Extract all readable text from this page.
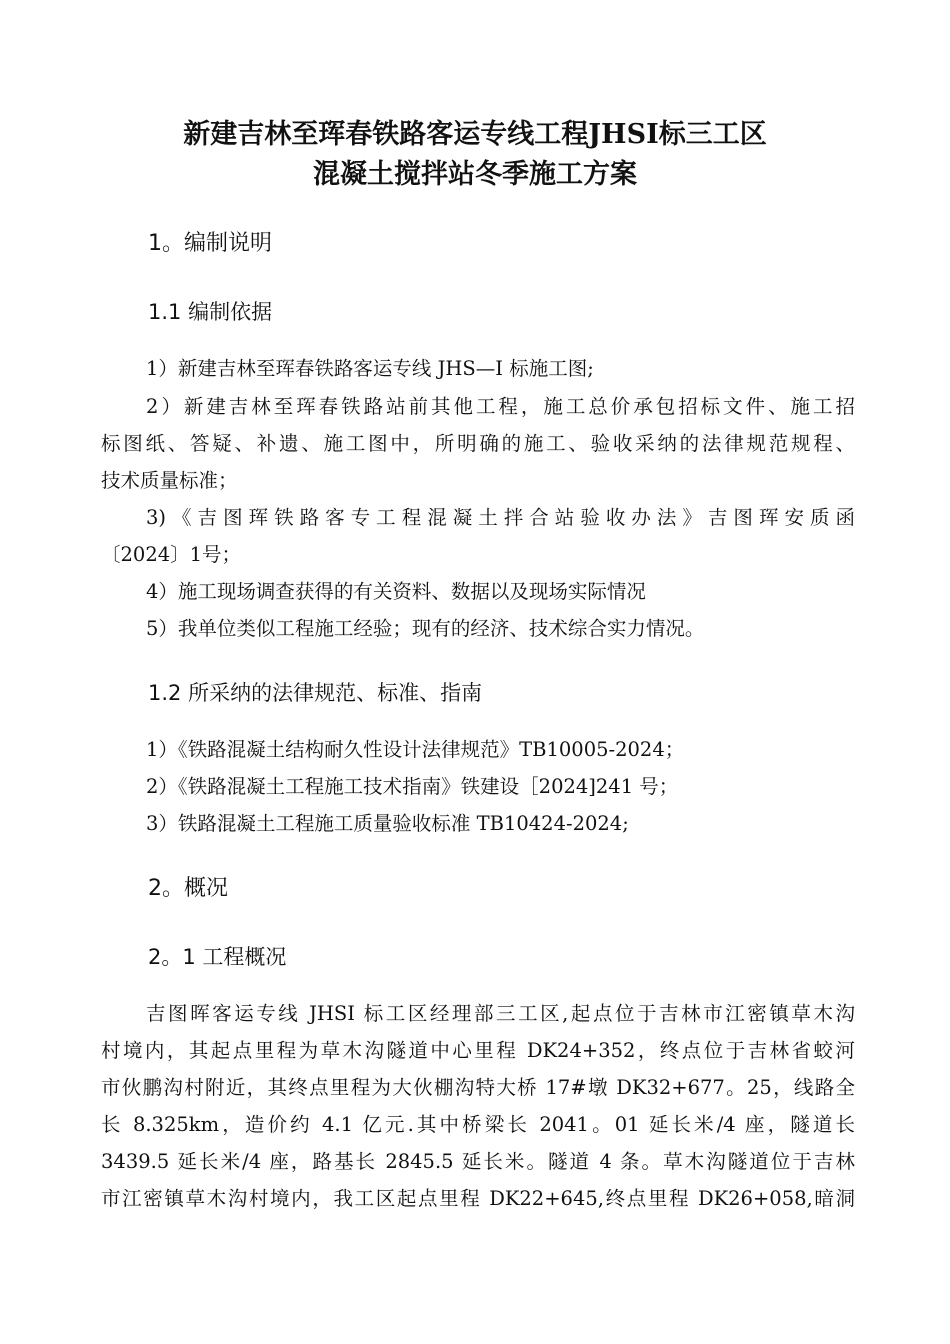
新建吉林至珲春铁路客运专线工程JHSI标三工区
混凝土搅拌站冬季施工方案
1。编制说明
1.1 编制依据
1）新建吉林至珲春铁路客运专线 JHS—I 标施工图;
2）新建吉林至珲春铁路站前其他工程，施工总价承包招标文件、施工招
标图纸、答疑、补遗、施工图中，所明确的施工、验收采纳的法律规范规程、
技术质量标准；
3)《吉图珲铁路客专工程混凝土拌合站验收办法》吉图珲安质函
〔2024〕1号；
4）施工现场调查获得的有关资料、数据以及现场实际情况
5）我单位类似工程施工经验；现有的经济、技术综合实力情况。
1.2 所采纳的法律规范、标准、指南
1）《铁路混凝土结构耐久性设计法律规范》TB10005-2024；
2）《铁路混凝土工程施工技术指南》铁建设［2024]241 号；
3）铁路混凝土工程施工质量验收标准 TB10424-2024;
2。概况
2。1 工程概况
吉图晖客运专线 JHSI 标工区经理部三工区,起点位于吉林市江密镇草木沟
村境内，其起点里程为草木沟隧道中心里程 DK24+352，终点位于吉林省蛟河
市伙鹏沟村附近，其终点里程为大伙棚沟特大桥 17#墩 DK32+677。25，线路全
长 8.325km，造价约 4.1 亿元.其中桥梁长 2041。01 延长米/4 座，隧道长
3439.5 延长米/4 座，路基长 2845.5 延长米。隧道 4 条。草木沟隧道位于吉林
市江密镇草木沟村境内，我工区起点里程 DK22+645,终点里程 DK26+058,暗洞
